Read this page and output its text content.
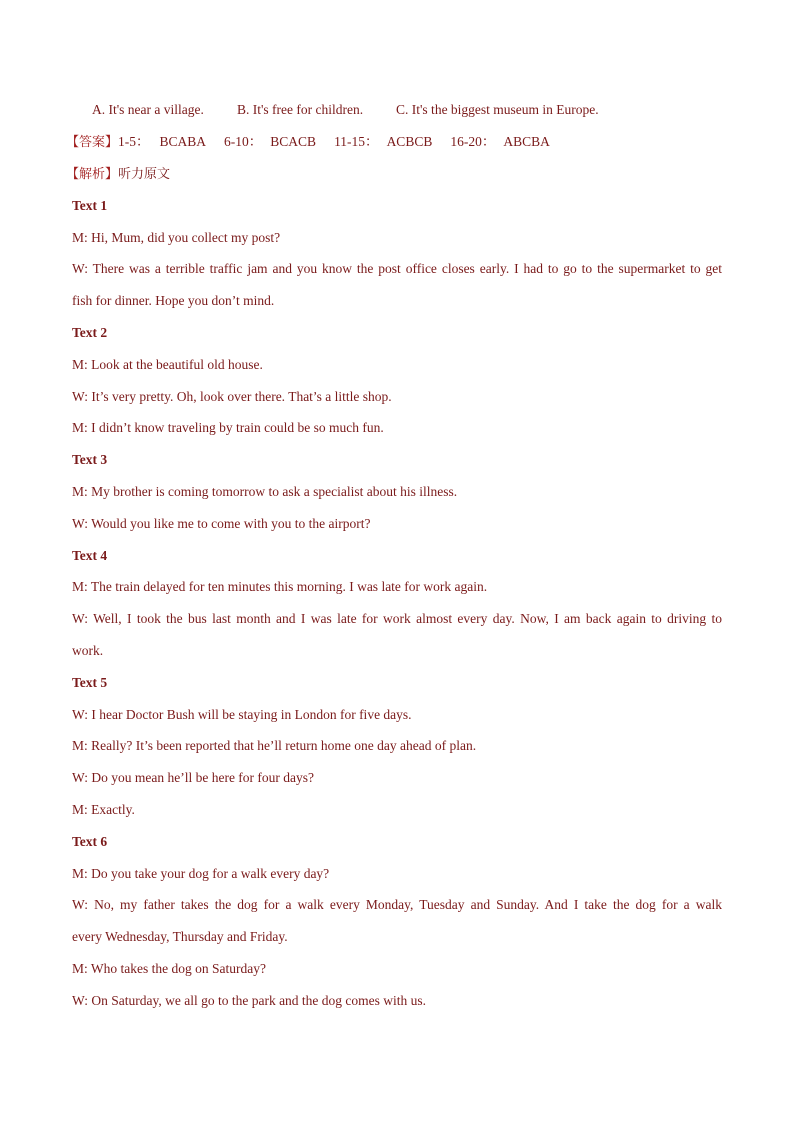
A. It's near a village. B. It's free for children. C. It's the biggest museum in Europe.
【答案】1-5： BCABA 6-10： BCACB 11-15： ACBCB 16-20： ABCBA
【解析】听力原文
Text 1
M: Hi, Mum, did you collect my post?
W: There was a terrible traffic jam and you know the post office closes early. I had to go to the supermarket to get
fish for dinner. Hope you don’t mind.
Text 2
M: Look at the beautiful old house.
W: It’s very pretty. Oh, look over there. That’s a little shop.
M: I didn’t know traveling by train could be so much fun.
Text 3
M: My brother is coming tomorrow to ask a specialist about his illness.
W: Would you like me to come with you to the airport?
Text 4
M: The train delayed for ten minutes this morning. I was late for work again.
W: Well, I took the bus last month and I was late for work almost every day. Now, I am back again to driving to
work.
Text 5
W: I hear Doctor Bush will be staying in London for five days.
M: Really? It’s been reported that he’ll return home one day ahead of plan.
W: Do you mean he’ll be here for four days?
M: Exactly.
Text 6
M: Do you take your dog for a walk every day?
W: No, my father takes the dog for a walk every Monday, Tuesday and Sunday. And I take the dog for a walk
every Wednesday, Thursday and Friday.
M: Who takes the dog on Saturday?
W: On Saturday, we all go to the park and the dog comes with us.
